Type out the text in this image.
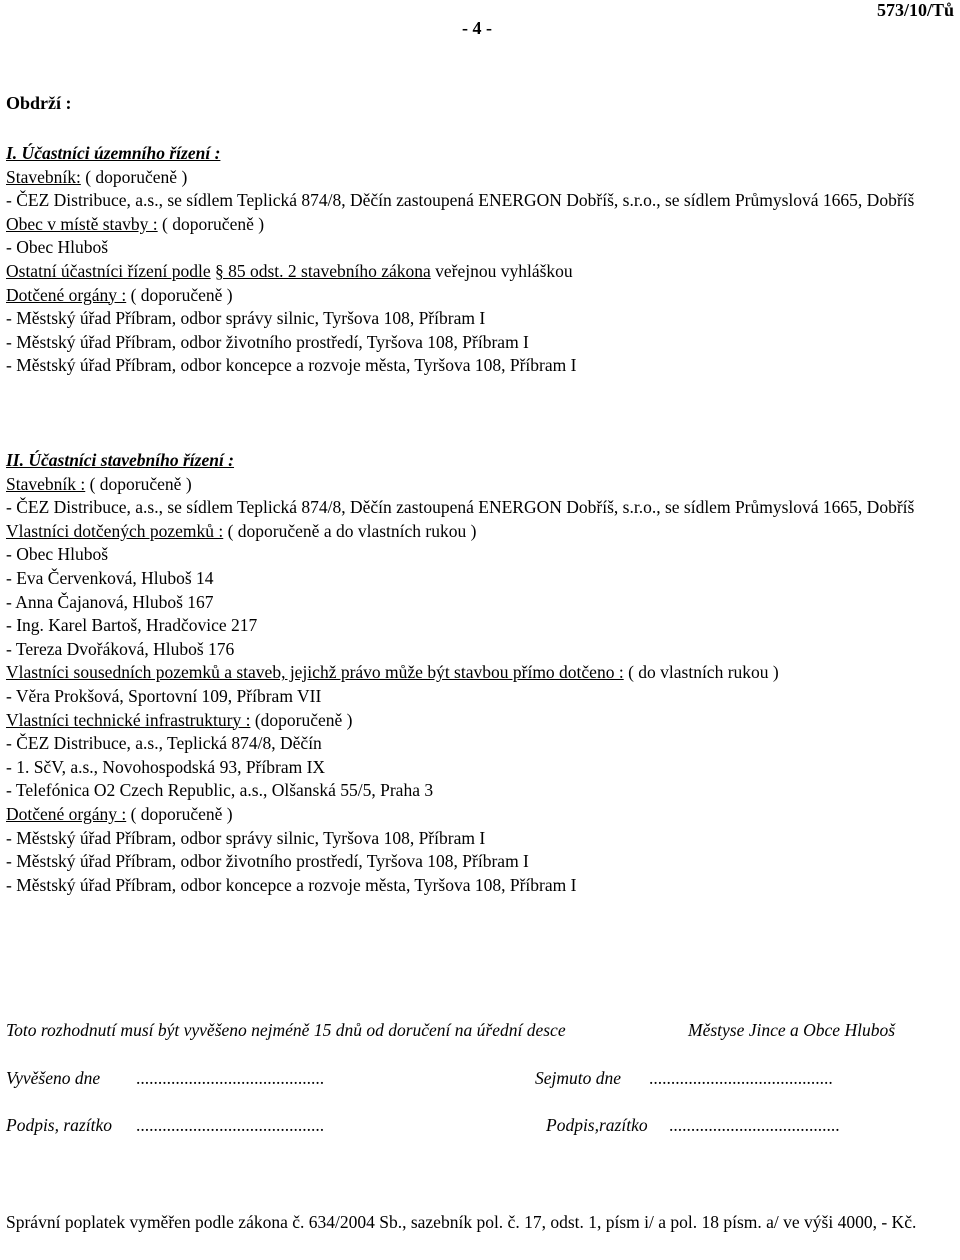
- 4 -
573/10/Tů
Obdrží :
I. Účastníci územního řízení :
Stavebník: ( doporučeně )
- ČEZ Distribuce, a.s., se sídlem Teplická 874/8, Děčín zastoupená ENERGON Dobříš, s.r.o., se sídlem Průmyslová 1665, Dobříš
Obec v místě stavby : ( doporučeně )
- Obec Hluboš
Ostatní účastníci řízení podle § 85 odst. 2 stavebního zákona veřejnou vyhláškou
Dotčené orgány : ( doporučeně )
- Městský úřad Příbram, odbor správy silnic, Tyršova 108, Příbram I
- Městský úřad Příbram, odbor životního prostředí, Tyršova 108, Příbram I
- Městský úřad Příbram, odbor koncepce a rozvoje města, Tyršova 108, Příbram I
II. Účastníci stavebního řízení :
Stavebník : ( doporučeně )
- ČEZ Distribuce, a.s., se sídlem Teplická 874/8, Děčín zastoupená ENERGON Dobříš, s.r.o., se sídlem Průmyslová 1665, Dobříš
Vlastníci dotčených pozemků : ( doporučeně a do vlastních rukou )
- Obec Hluboš
- Eva Červenková, Hluboš 14
- Anna Čajanová, Hluboš 167
- Ing. Karel Bartoš, Hradčovice 217
- Tereza Dvořáková, Hluboš 176
Vlastníci sousedních pozemků a staveb, jejichž právo může být stavbou přímo dotčeno : ( do vlastních rukou )
- Věra Prokšová, Sportovní 109, Příbram VII
Vlastníci technické infrastruktury : (doporučeně )
- ČEZ Distribuce, a.s., Teplická 874/8, Děčín
- 1. SčV, a.s., Novohospodská 93, Příbram IX
- Telefónica O2 Czech Republic, a.s., Olšanská 55/5, Praha 3
Dotčené orgány : ( doporučeně )
- Městský úřad Příbram, odbor správy silnic, Tyršova 108, Příbram I
- Městský úřad Příbram, odbor životního prostředí, Tyršova 108, Příbram I
- Městský úřad Příbram, odbor koncepce a rozvoje města, Tyršova 108, Příbram I
Toto rozhodnutí musí být vyvěšeno nejméně 15 dnů od doručení na úřední desce	Městyse Jince a Obce Hluboš
Vyvěšeno dne ...........................................	Sejmuto dne ..........................................
Podpis, razítko ...........................................	Podpis,razítko .......................................
Správní poplatek vyměřen podle zákona č. 634/2004 Sb., sazebník pol. č. 17, odst. 1, písm i/ a pol. 18 písm. a/ ve výši 4000, - Kč.
